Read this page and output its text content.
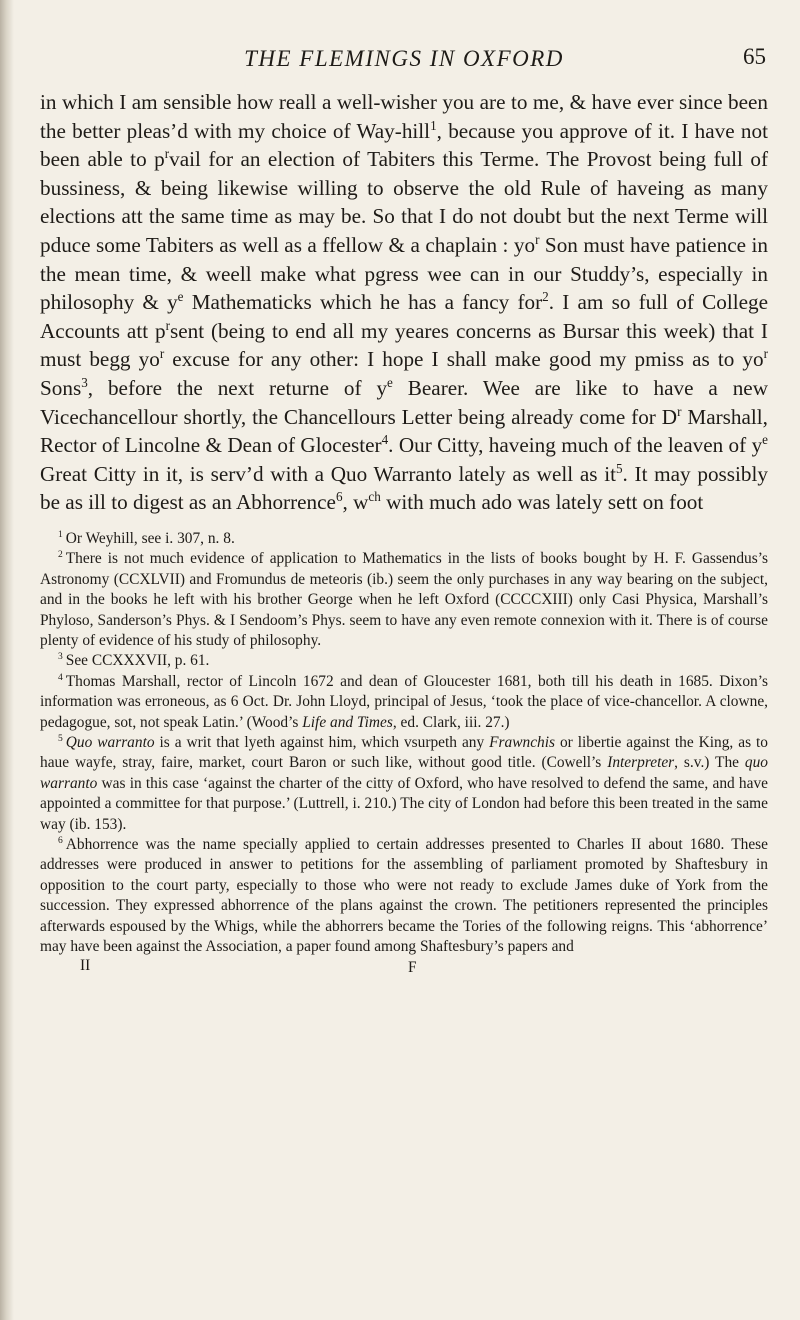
THE FLEMINGS IN OXFORD	65

in which I am sensible how reall a well-wisher you are to me, & have ever since been the better pleas’d with my choice of Way-hill$^1$, because you approve of it. I have not been able to $p^rvail$ for an election of Tabiters this Terme. The Provost being full of bussiness, & being likewise willing to observe the old Rule of haveing as many elections att the same time as may be. So that I do not doubt but the next Terme will pduce some Tabiters as well as a ffellow & a chaplain : $yo^r$ Son must have patience in the mean time, & weell make what pgress wee can in our Studdy’s, especially in philosophy & $y^e$ Mathematicks which he has a fancy for$^2$. I am so full of College Accounts att $p^rsent$ (being to end all my yeares concerns as Bursar this week) that I must begg $yo^r$ excuse for any other: I hope I shall make good my pmiss as to $yo^r$ Sons$^3$, before the next returne of $y^e$ Bearer. Wee are like to have a new Vicechancellour shortly, the Chancellours Letter being already come for $D^r$ Marshall, Rector of Lincolne & Dean of Glocester$^4$. Our Citty, haveing much of the leaven of $y^e$ Great Citty in it, is serv’d with a Quo Warranto lately as well as $it^5$. It may possibly be as ill to digest as an Abhorrence$^6$, $w^{ch}$ with much ado was lately sett on foot

$^1$ Or Weyhill, see i. 307, n. 8.

$^2$ There is not much evidence of application to Mathematics in the lists of books bought by H. F. Gassendus’s Astronomy (CCXLVII) and Fromundus de meteoris (ib.) seem the only purchases in any way bearing on the subject, and in the books he left with his brother George when he left Oxford (CCCCXIII) only Casi Physica, Marshall’s Phyloso, Sanderson’s Phys. & I Sendoom’s Phys. seem to have any even remote connexion with it. There is of course plenty of evidence of his study of philosophy.

$^3$ See CCXXXVII, p. 61.

$^4$ Thomas Marshall, rector of Lincoln 1672 and dean of Gloucester 1681, both till his death in 1685. Dixon’s information was erroneous, as 6 Oct. Dr. John Lloyd, principal of Jesus, ‘took the place of vice-chancellor. A clowne, pedagogue, sot, not speak Latin.’ (Wood’s Life and Times, ed. Clark, iii. 27.)

$^5$ Quo warranto is a writ that lyeth against him, which vsurpeth any Frawnchis or libertie against the King, as to haue wayfe, stray, faire, market, court Baron or such like, without good title. (Cowell’s Interpreter, s.v.) The quo warranto was in this case ‘against the charter of the citty of Oxford, who have resolved to defend the same, and have appointed a committee for that purpose.’ (Luttrell, i. 210.) The city of London had before this been treated in the same way (ib. 153).

$^6$ Abhorrence was the name specially applied to certain addresses presented to Charles II about 1680. These addresses were produced in answer to petitions for the assembling of parliament promoted by Shaftesbury in opposition to the court party, especially to those who were not ready to exclude James duke of York from the succession. They expressed abhorrence of the plans against the crown. The petitioners represented the principles afterwards espoused by the Whigs, while the abhorrers became the Tories of the following reigns. This ‘abhorrence’ may have been against the Association, a paper found among Shaftesbury’s papers and

II	F
